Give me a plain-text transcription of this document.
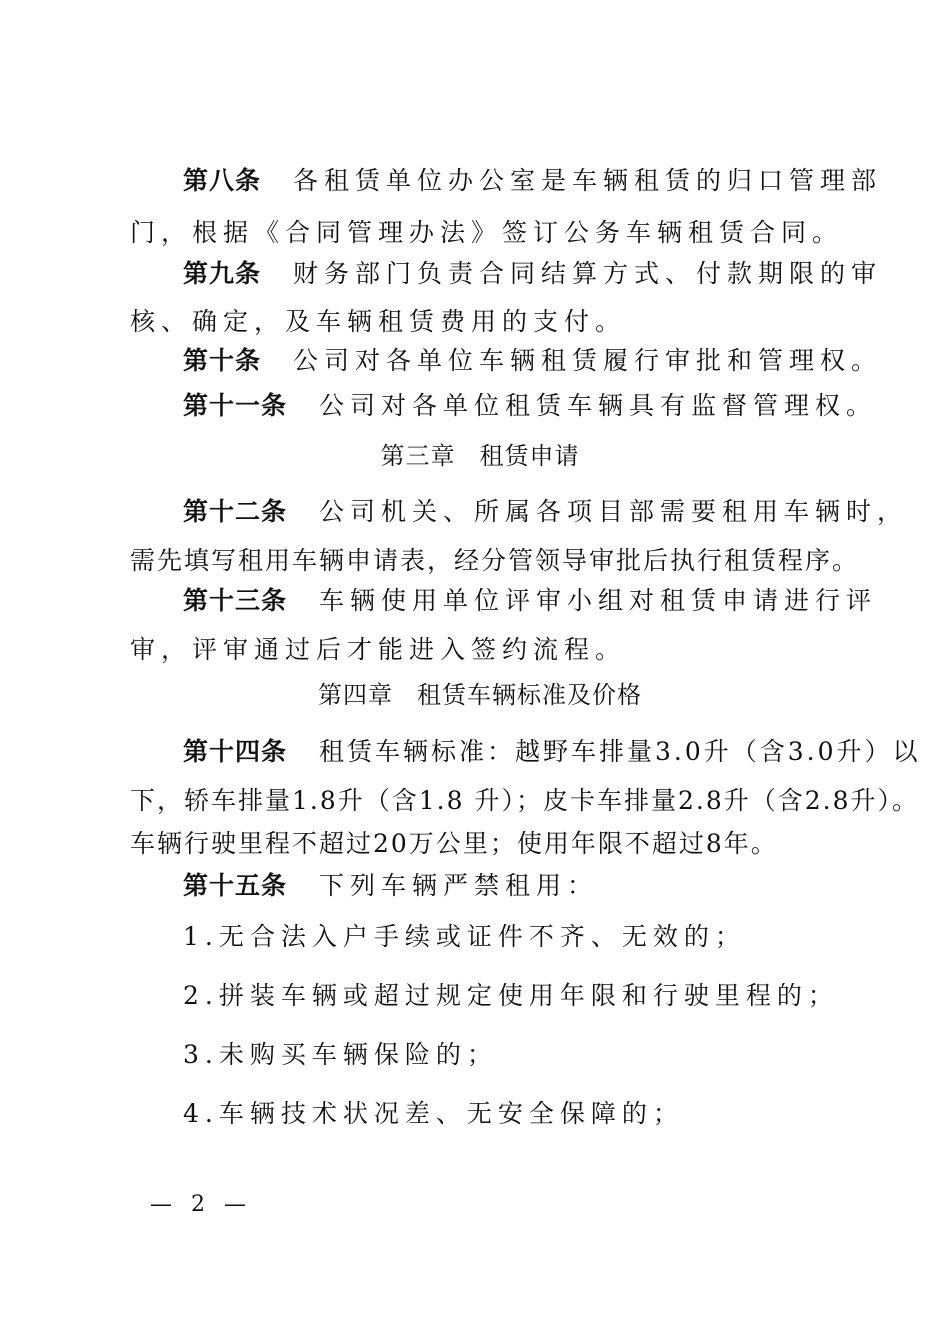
第八条 各租赁单位办公室是车辆租赁的归口管理部
门，根据《合同管理办法》签订公务车辆租赁合同。
第九条 财务部门负责合同结算方式、付款期限的审
核、确定，及车辆租赁费用的支付。
第十条 公司对各单位车辆租赁履行审批和管理权。
第十一条 公司对各单位租赁车辆具有监督管理权。
第三章 租赁申请
第十二条 公司机关、所属各项目部需要租用车辆时，
需先填写租用车辆申请表，经分管领导审批后执行租赁程序。
第十三条 车辆使用单位评审小组对租赁申请进行评
审，评审通过后才能进入签约流程。
第四章 租赁车辆标准及价格
第十四条 租赁车辆标准：越野车排量3.0升（含3.0升）以
下，轿车排量1.8升（含1.8 升）；皮卡车排量2.8升（含2.8升）。
车辆行驶里程不超过20万公里；使用年限不超过8年。
第十五条 下列车辆严禁租用：
1.无合法入户手续或证件不齐、无效的；
2.拼装车辆或超过规定使用年限和行驶里程的；
3.未购买车辆保险的；
4.车辆技术状况差、无安全保障的；
— 2 —
